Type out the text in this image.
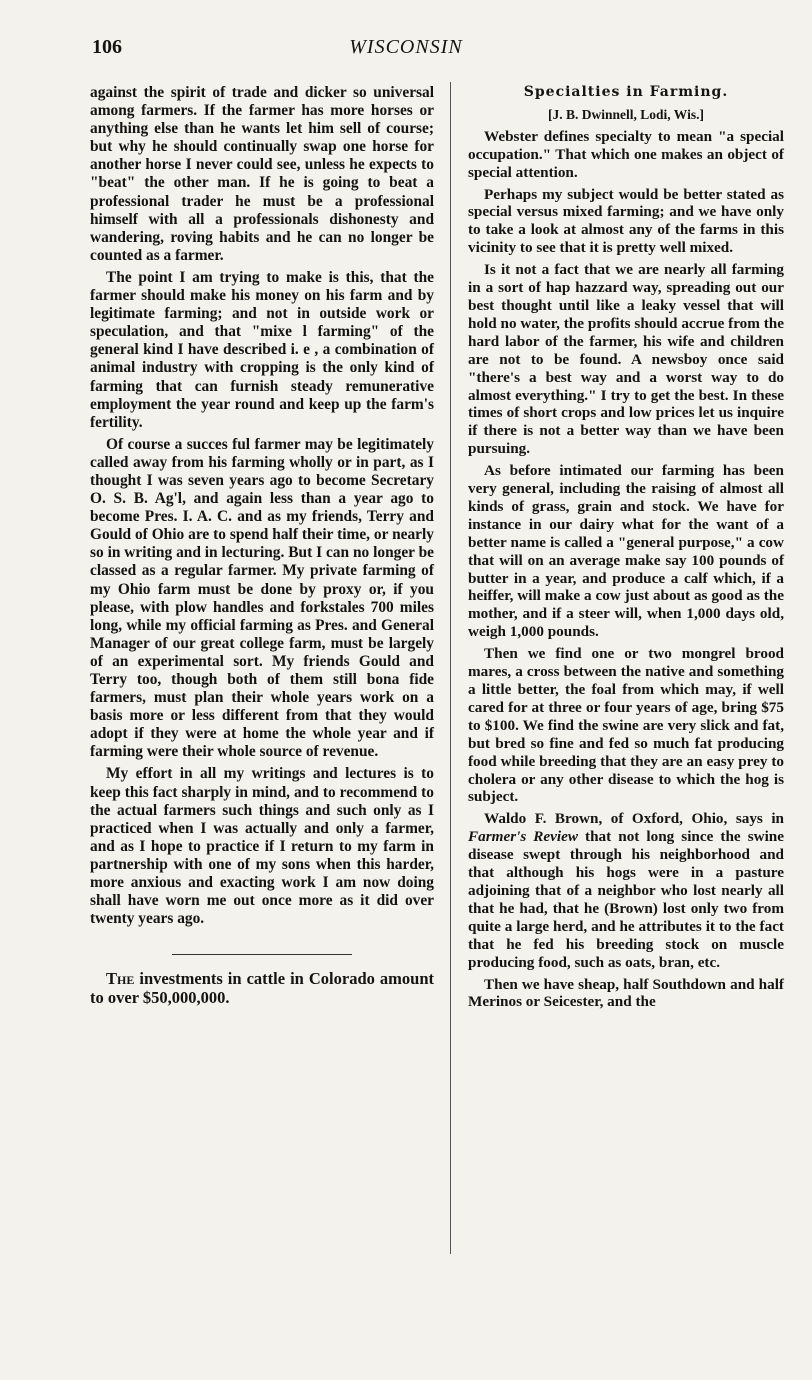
106	WISCONSIN

against the spirit of trade and dicker so universal among farmers. If the farmer has more horses or anything else than he wants let him sell of course; but why he should continually swap one horse for another horse I never could see, unless he expects to "beat" the other man. If he is going to beat a professional trader he must be a professional himself with all a professionals dishonesty and wandering, roving habits and he can no longer be counted as a farmer.

The point I am trying to make is this, that the farmer should make his money on his farm and by legitimate farming; and not in outside work or speculation, and that "mixe l farming" of the general kind I have described i. e , a combination of animal industry with cropping is the only kind of farming that can furnish steady remunerative employment the year round and keep up the farm's fertility.

Of course a succes ful farmer may be legitimately called away from his farming wholly or in part, as I thought I was seven years ago to become Secretary O. S. B. Ag'l, and again less than a year ago to become Pres. I. A. C. and as my friends, Terry and Gould of Ohio are to spend half their time, or nearly so in writing and in lecturing. But I can no longer be classed as a regular farmer. My private farming of my Ohio farm must be done by proxy or, if you please, with plow handles and forkstales 700 miles long, while my official farming as Pres. and General Manager of our great college farm, must be largely of an experimental sort. My friends Gould and Terry too, though both of them still bona fide farmers, must plan their whole years work on a basis more or less different from that they would adopt if they were at home the whole year and if farming were their whole source of revenue.

My effort in all my writings and lectures is to keep this fact sharply in mind, and to recommend to the actual farmers such things and such only as I practiced when I was actually and only a farmer, and as I hope to practice if I return to my farm in partnership with one of my sons when this harder, more anxious and exacting work I am now doing shall have worn me out once more as it did over twenty years ago.

The investments in cattle in Colorado amount to over $50,000,000.

Specialties in Farming.
[J. B. Dwinnell, Lodi, Wis.]

Webster defines specialty to mean "a special occupation." That which one makes an object of special attention.

Perhaps my subject would be better stated as special versus mixed farming; and we have only to take a look at almost any of the farms in this vicinity to see that it is pretty well mixed.

Is it not a fact that we are nearly all farming in a sort of hap hazzard way, spreading out our best thought until like a leaky vessel that will hold no water, the profits should accrue from the hard labor of the farmer, his wife and children are not to be found. A newsboy once said "there's a best way and a worst way to do almost everything." I try to get the best. In these times of short crops and low prices let us inquire if there is not a better way than we have been pursuing.

As before intimated our farming has been very general, including the raising of almost all kinds of grass, grain and stock. We have for instance in our dairy what for the want of a better name is called a "general purpose," a cow that will on an average make say 100 pounds of butter in a year, and produce a calf which, if a heiffer, will make a cow just about as good as the mother, and if a steer will, when 1,000 days old, weigh 1,000 pounds.

Then we find one or two mongrel brood mares, a cross between the native and something a little better, the foal from which may, if well cared for at three or four years of age, bring $75 to $100. We find the swine are very slick and fat, but bred so fine and fed so much fat producing food while breeding that they are an easy prey to cholera or any other disease to which the hog is subject.

Waldo F. Brown, of Oxford, Ohio, says in Farmer's Review that not long since the swine disease swept through his neighborhood and that although his hogs were in a pasture adjoining that of a neighbor who lost nearly all that he had, that he (Brown) lost only two from quite a large herd, and he attributes it to the fact that he fed his breeding stock on muscle producing food, such as oats, bran, etc.

Then we have sheap, half Southdown and half Merinos or Seicester, and the
